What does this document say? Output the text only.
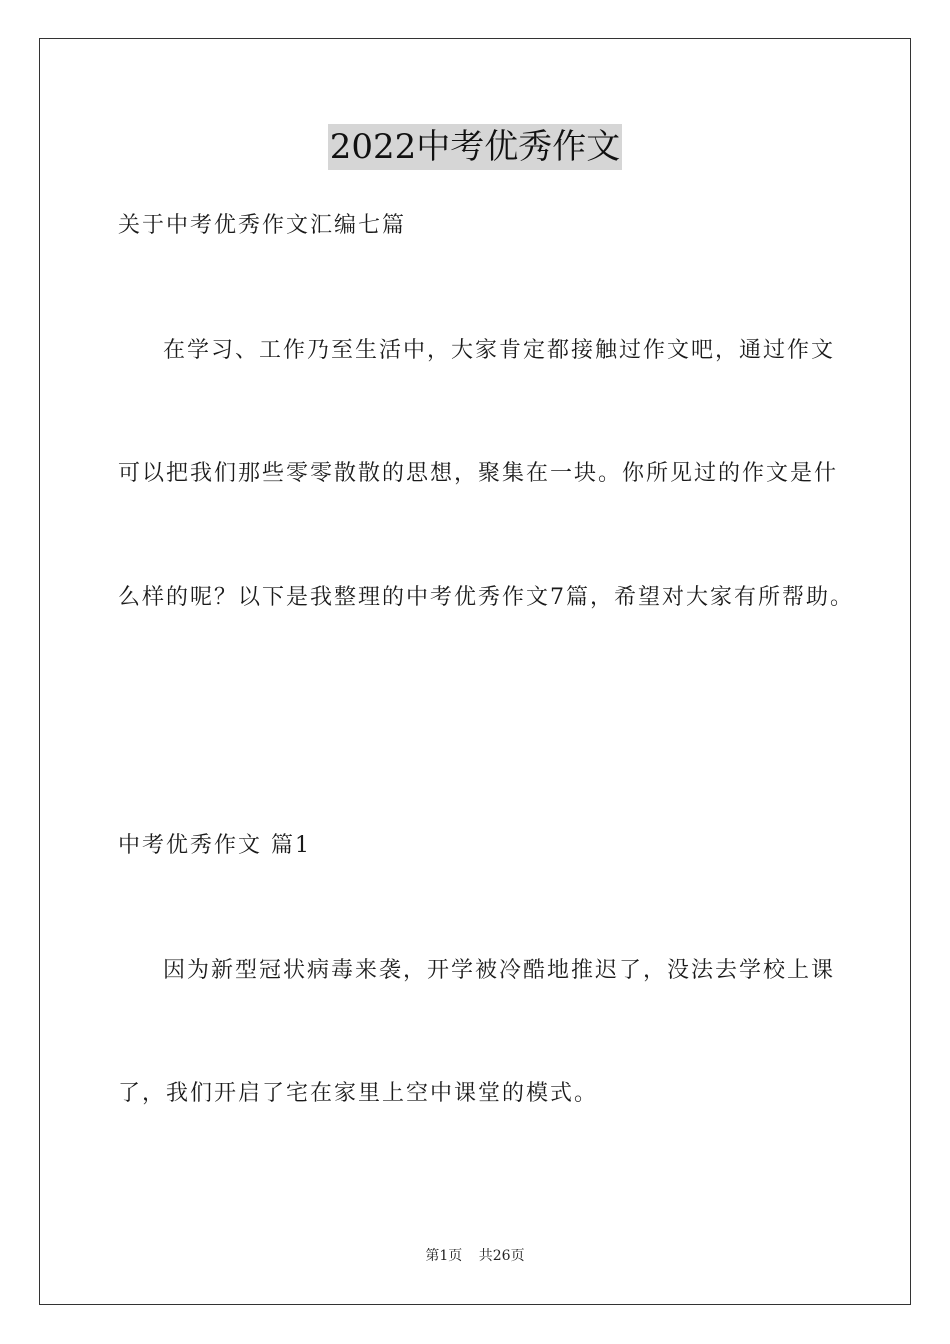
2022中考优秀作文
关于中考优秀作文汇编七篇
在学习、工作乃至生活中，大家肯定都接触过作文吧，通过作文
可以把我们那些零零散散的思想，聚集在一块。你所见过的作文是什
么样的呢？以下是我整理的中考优秀作文7篇，希望对大家有所帮助。
中考优秀作文 篇1
因为新型冠状病毒来袭，开学被冷酷地推迟了，没法去学校上课
了，我们开启了宅在家里上空中课堂的模式。
第1页 共26页
